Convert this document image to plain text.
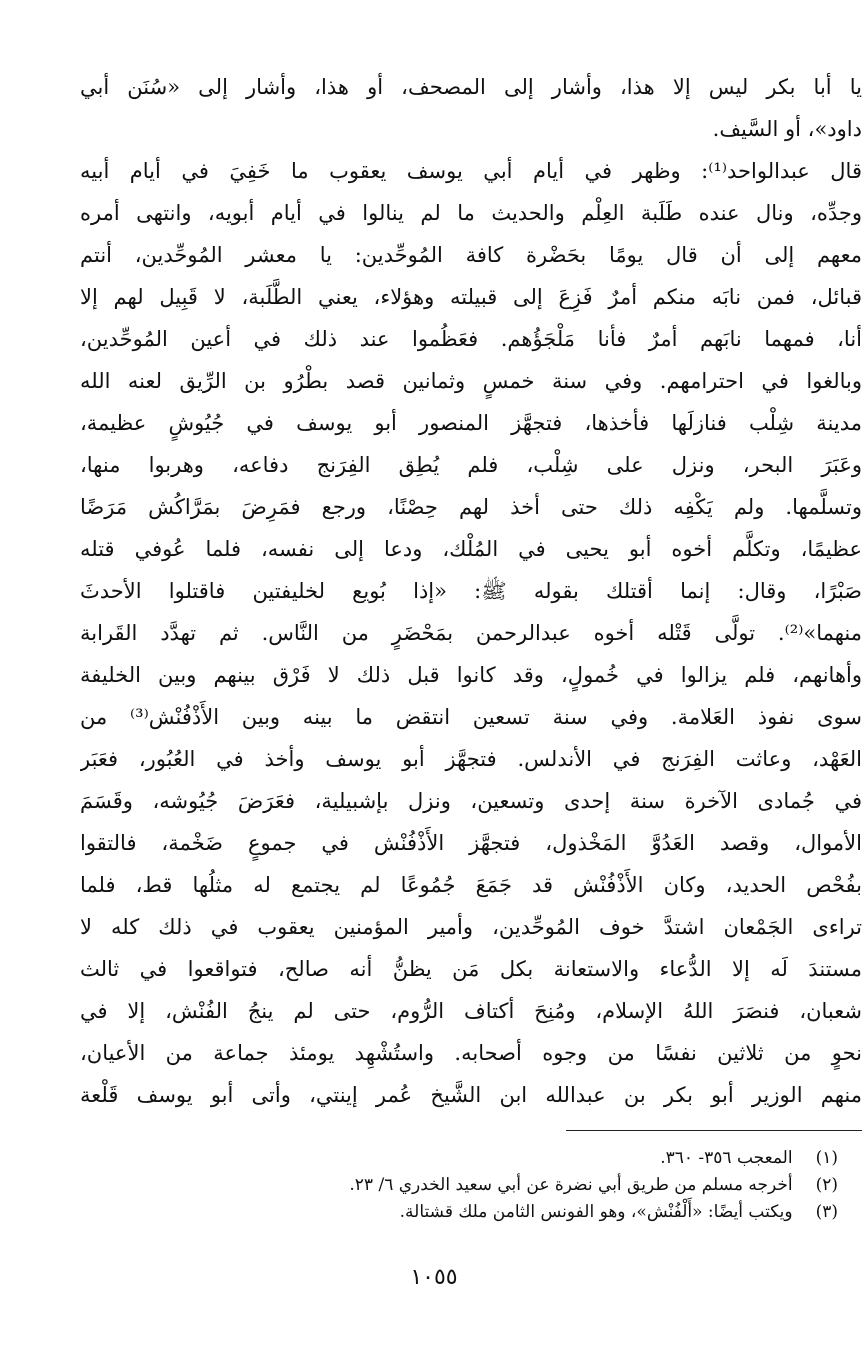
يا أبا بكر ليس إلا هذا، وأشار إلى المصحف، أو هذا، وأشار إلى «سُنَن أبي
داود»، أو السَّيف.
قال عبدالواحد⁽¹⁾: وظهر في أيام أبي يوسف يعقوب ما خَفِيَ في أيام أبيه
وجدِّه، ونال عنده طَلَبة العِلْم والحديث ما لم ينالوا في أيام أبويه، وانتهى أمره
معهم إلى أن قال يومًا بحَضْرة كافة المُوحِّدين: يا معشر المُوحِّدين، أنتم
قبائل، فمن نابَه منكم أمرٌ فَزِعَ إلى قبيلته وهؤلاء، يعني الطَّلَبة، لا قَبِيل لهم إلا
أنا، فمهما نابَهم أمرٌ فأنا مَلْجَؤُهم. فعَظُموا عند ذلك في أعين المُوحِّدين،
وبالغوا في احترامهم. وفي سنة خمسٍ وثمانين قصد بطْرُو بن الرِّيق لعنه الله
مدينة شِلْب فنازلَها فأخذها، فتجهَّز المنصور أبو يوسف في جُيُوشٍ عظيمة،
وعَبَرَ البحر، ونزل على شِلْب، فلم يُطِق الفِرَنج دفاعه، وهربوا منها،
وتسلَّمها. ولم يَكْفِه ذلك حتى أخذ لهم حِصْنًا، ورجع فمَرِضَ بمَرَّاكُش مَرَضًا
عظيمًا، وتكلَّم أخوه أبو يحيى في المُلْك، ودعا إلى نفسه، فلما عُوفي قتله
صَبْرًا، وقال: إنما أقتلك بقوله ﷺ: «إذا بُويع لخليفتين فاقتلوا الأحدثَ
منهما»⁽²⁾. تولَّى قَتْله أخوه عبدالرحمن بمَحْضَرٍ من النَّاس. ثم تهدَّد القَرابة
وأهانهم، فلم يزالوا في خُمولٍ، وقد كانوا قبل ذلك لا فَرْق بينهم وبين الخليفة
سوى نفوذ العَلامة. وفي سنة تسعين انتقض ما بينه وبين الأَذْفُنْش⁽³⁾ من
العَهْد، وعاثت الفِرَنج في الأندلس. فتجهَّز أبو يوسف وأخذ في العُبُور، فعَبَر
في جُمادى الآخرة سنة إحدى وتسعين، ونزل بإشبيلية، فعَرَضَ جُيُوشه، وقَسَمَ
الأموال، وقصد العَدُوَّ المَخْذول، فتجهَّز الأَذْفُنْش في جموعٍ ضَخْمة، فالتقوا
بفُحْص الحديد، وكان الأَذْفُنْش قد جَمَعَ جُمُوعًا لم يجتمع له مثلُها قط، فلما
تراءى الجَمْعان اشتدَّ خوف المُوحِّدين، وأمير المؤمنين يعقوب في ذلك كله لا
مستندَ لَه إلا الدُّعاء والاستعانة بكل مَن يظنُّ أنه صالح، فتواقعوا في ثالث
شعبان، فنصَرَ اللهُ الإسلام، ومُنِحَ أكتاف الرُّوم، حتى لم ينجُ الفُنْش، إلا في
نحوٍ من ثلاثين نفسًا من وجوه أصحابه. واستُشْهِد يومئذ جماعة من الأعيان،
منهم الوزير أبو بكر بن عبدالله ابن الشَّيخ عُمر إينتي، وأتى أبو يوسف قَلْعة
(١) المعجب ٣٥٦- ٣٦٠.
(٢) أخرجه مسلم من طريق أبي نضرة عن أبي سعيد الخدري ٦/ ٢٣.
(٣) ويكتب أيضًا: «أَلْفُنْش»، وهو الفونس الثامن ملك قشتالة.
١٠٥٥
